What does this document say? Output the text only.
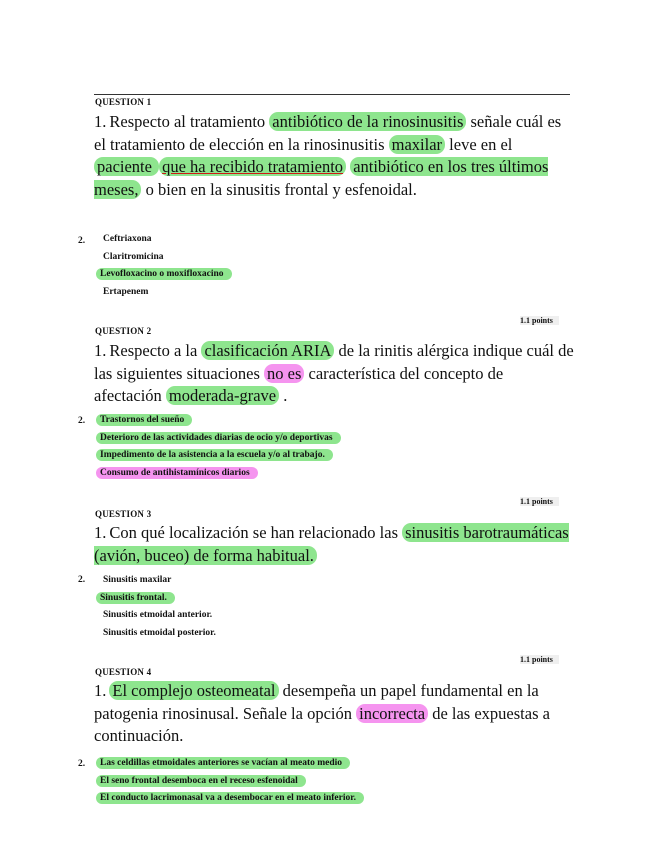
QUESTION 1
1. Respecto al tratamiento antibiótico de la rinosinusitis señale cuál es el tratamiento de elección en la rinosinusitis maxilar leve en el paciente que ha recibido tratamiento antibiótico en los tres últimos meses, o bien en la sinusitis frontal y esfenoidal.
2.	Ceftriaxona
Claritromicina
Levofloxacino o moxifloxacino
Ertapenem
1.1 points
QUESTION 2
1. Respecto a la clasificación ARIA de la rinitis alérgica indique cuál de las siguientes situaciones no es característica del concepto de afectación moderada-grave .
2.	Trastornos del sueño
Deterioro de las actividades diarias de ocio y/o deportivas
Impedimento de la asistencia a la escuela y/o al trabajo.
Consumo de antihistamínicos diarios
1.1 points
QUESTION 3
1. Con qué localización se han relacionado las sinusitis barotraumáticas (avión, buceo) de forma habitual.
2.	Sinusitis maxilar
Sinusitis frontal.
Sinusitis etmoidal anterior.
Sinusitis etmoidal posterior.
1.1 points
QUESTION 4
1. El complejo osteomeatal desempeña un papel fundamental en la patogenia rinosinusal. Señale la opción incorrecta de las expuestas a continuación.
2.	Las celdillas etmoidales anteriores se vacían al meato medio
El seno frontal desemboca en el receso esfenoidal
El conducto lacrimonasal va a desembocar en el meato inferior.
